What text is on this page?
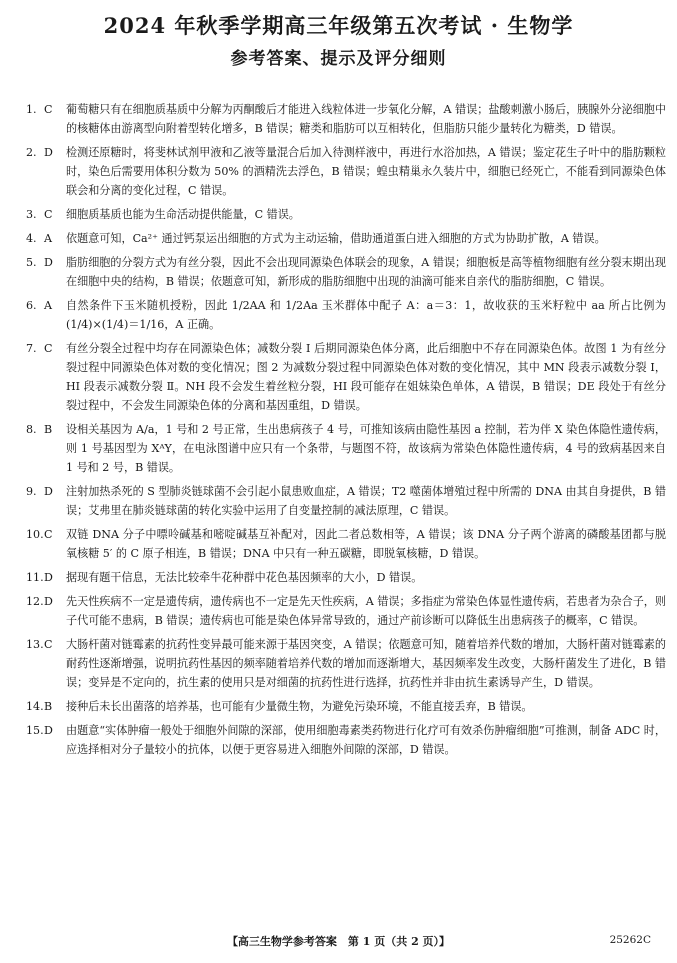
2024 年秋季学期高三年级第五次考试 · 生物学
参考答案、提示及评分细则
1. C	葡萄糖只有在细胞质基质中分解为丙酮酸后才能进入线粒体进一步氧化分解，A 错误；盐酸刺激小肠后，胰腺外分泌细胞中的核糖体由游离型向附着型转化增多，B 错误；糖类和脂肪可以互相转化，但脂肪只能少量转化为糖类，D 错误。
2. D	检测还原糖时，将斐林试剂甲液和乙液等量混合后加入待测样液中，再进行水浴加热，A 错误；鉴定花生子叶中的脂肪颗粒时，染色后需要用体积分数为 50% 的酒精洗去浮色，B 错误；蝗虫精巢永久装片中，细胞已经死亡，不能看到同源染色体联会和分离的变化过程，C 错误。
3. C	细胞质基质也能为生命活动提供能量，C 错误。
4. A	依题意可知，Ca²⁺ 通过钙泵运出细胞的方式为主动运输，借助通道蛋白进入细胞的方式为协助扩散，A 错误。
5. D	脂肪细胞的分裂方式为有丝分裂，因此不会出现同源染色体联会的现象，A 错误；细胞板是高等植物细胞有丝分裂末期出现在细胞中央的结构，B 错误；依题意可知，新形成的脂肪细胞中出现的油滴可能来自亲代的脂肪细胞，C 错误。
6. A	自然条件下玉米随机授粉，因此 1/2AA 和 1/2Aa 玉米群体中配子 A：a＝3：1，故收获的玉米籽粒中 aa 所占比例为 (1/4)×(1/4)＝1/16，A 正确。
7. C	有丝分裂全过程中均存在同源染色体；减数分裂 Ⅰ 后期同源染色体分离，此后细胞中不存在同源染色体。故图 1 为有丝分裂过程中同源染色体对数的变化情况；图 2 为减数分裂过程中同源染色体对数的变化情况，其中 MN 段表示减数分裂 Ⅰ，HI 段表示减数分裂 Ⅱ。NH 段不会发生着丝粒分裂，HI 段可能存在姐妹染色单体，A 错误，B 错误；DE 段处于有丝分裂过程中，不会发生同源染色体的分离和基因重组，D 错误。
8. B	设相关基因为 A/a，1 号和 2 号正常，生出患病孩子 4 号，可推知该病由隐性基因 a 控制，若为伴 X 染色体隐性遗传病，则 1 号基因型为 XᴬY，在电泳图谱中应只有一个条带，与题图不符，故该病为常染色体隐性遗传病，4 号的致病基因来自 1 号和 2 号，B 错误。
9. D	注射加热杀死的 S 型肺炎链球菌不会引起小鼠患败血症，A 错误；T2 噬菌体增殖过程中所需的 DNA 由其自身提供，B 错误；艾弗里在肺炎链球菌的转化实验中运用了自变量控制的减法原理，C 错误。
10. C	双链 DNA 分子中嘌呤碱基和嘧啶碱基互补配对，因此二者总数相等，A 错误；该 DNA 分子两个游离的磷酸基团都与脱氧核糖 5′ 的 C 原子相连，B 错误；DNA 中只有一种五碳糖，即脱氧核糖，D 错误。
11. D	据现有题干信息，无法比较牵牛花种群中花色基因频率的大小，D 错误。
12. D	先天性疾病不一定是遗传病，遗传病也不一定是先天性疾病，A 错误；多指症为常染色体显性遗传病，若患者为杂合子，则子代可能不患病，B 错误；遗传病也可能是染色体异常导致的，通过产前诊断可以降低生出患病孩子的概率，C 错误。
13. C	大肠杆菌对链霉素的抗药性变异最可能来源于基因突变，A 错误；依题意可知，随着培养代数的增加，大肠杆菌对链霉素的耐药性逐渐增强，说明抗药性基因的频率随着培养代数的增加而逐渐增大，基因频率发生改变，大肠杆菌发生了进化，B 错误；变异是不定向的，抗生素的使用只是对细菌的抗药性进行选择，抗药性并非由抗生素诱导产生，D 错误。
14. B	接种后未长出菌落的培养基，也可能有少量微生物，为避免污染环境，不能直接丢弃，B 错误。
15. D	由题意“实体肿瘤一般处于细胞外间隙的深部，使用细胞毒素类药物进行化疗可有效杀伤肿瘤细胞”可推测，制备 ADC 时，应选择相对分子量较小的抗体，以便于更容易进入细胞外间隙的深部，D 错误。
【高三生物学参考答案　第 1 页（共 2 页）】	25262C
